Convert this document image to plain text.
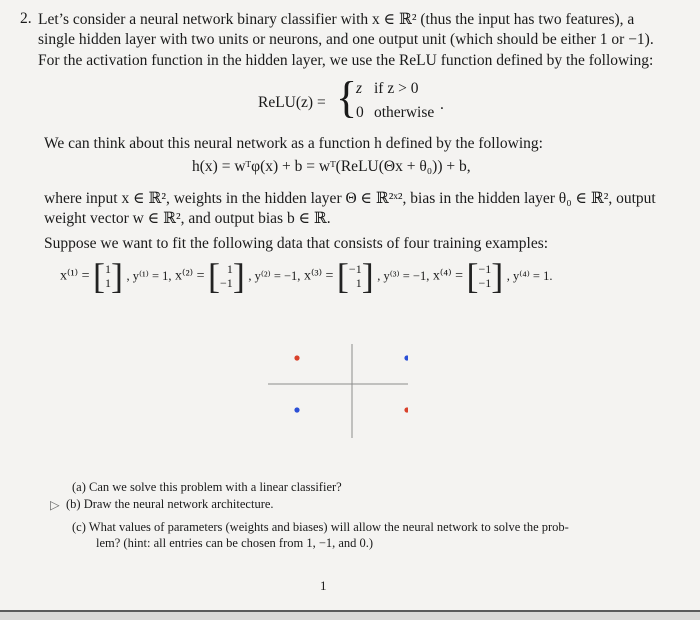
2. Let’s consider a neural network binary classifier with x ∈ ℝ² (thus the input has two features), a
single hidden layer with two units or neurons, and one output unit (which should be either 1 or −1).
For the activation function in the hidden layer, we use the ReLU function defined by the following:
ReLU(z) = {
z if z > 0
0 otherwise .
We can think about this neural network as a function h defined by the following:
h(x) = wᵀφ(x) + b = wᵀ(ReLU(Θx + θ₀)) + b,
where input x ∈ ℝ², weights in the hidden layer Θ ∈ ℝ²ˣ², bias in the hidden layer θ₀ ∈ ℝ², output
weight vector w ∈ ℝ², and output bias b ∈ ℝ.
Suppose we want to fit the following data that consists of four training examples:
x⁽¹⁾ = [1
1] , y⁽¹⁾ = 1, x⁽²⁾ = [ 1
−1] , y⁽²⁾ = −1, x⁽³⁾ = [−1
1] , y⁽³⁾ = −1, x⁽⁴⁾ = [−1
−1] , y⁽⁴⁾ = 1.
(a) Can we solve this problem with a linear classifier?
▷ (b) Draw the neural network architecture.
(c) What values of parameters (weights and biases) will allow the neural network to solve the prob-
lem? (hint: all entries can be chosen from 1, −1, and 0.)
1
